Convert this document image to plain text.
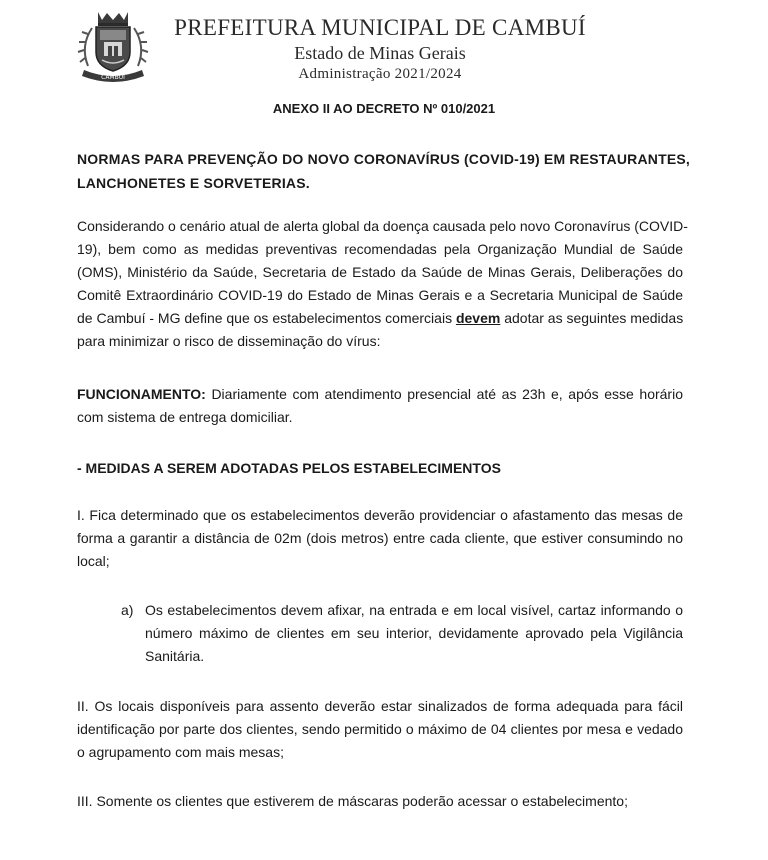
CAMBUÍ
PREFEITURA MUNICIPAL DE CAMBUÍ
Estado de Minas Gerais
Administração 2021/2024
ANEXO II AO DECRETO Nº 010/2021
NORMAS PARA PREVENÇÃO DO NOVO CORONAVÍRUS (COVID-19) EM RESTAURANTES,
LANCHONETES E SORVETERIAS.
Considerando o cenário atual de alerta global da doença causada pelo novo Coronavírus (COVID-
19), bem como as medidas preventivas recomendadas pela Organização Mundial de Saúde
(OMS), Ministério da Saúde, Secretaria de Estado da Saúde de Minas Gerais, Deliberações do
Comitê Extraordinário COVID-19 do Estado de Minas Gerais e a Secretaria Municipal de Saúde
de Cambuí - MG define que os estabelecimentos comerciais devem adotar as seguintes medidas
para minimizar o risco de disseminação do vírus:
FUNCIONAMENTO: Diariamente com atendimento presencial até as 23h e, após esse horário
com sistema de entrega domiciliar.
- MEDIDAS A SEREM ADOTADAS PELOS ESTABELECIMENTOS
I. Fica determinado que os estabelecimentos deverão providenciar o afastamento das mesas de
forma a garantir a distância de 02m (dois metros) entre cada cliente, que estiver consumindo no
local;
a) Os estabelecimentos devem afixar, na entrada e em local visível, cartaz informando o
número máximo de clientes em seu interior, devidamente aprovado pela Vigilância
Sanitária.
II. Os locais disponíveis para assento deverão estar sinalizados de forma adequada para fácil
identificação por parte dos clientes, sendo permitido o máximo de 04 clientes por mesa e vedado
o agrupamento com mais mesas;
III. Somente os clientes que estiverem de máscaras poderão acessar o estabelecimento;
